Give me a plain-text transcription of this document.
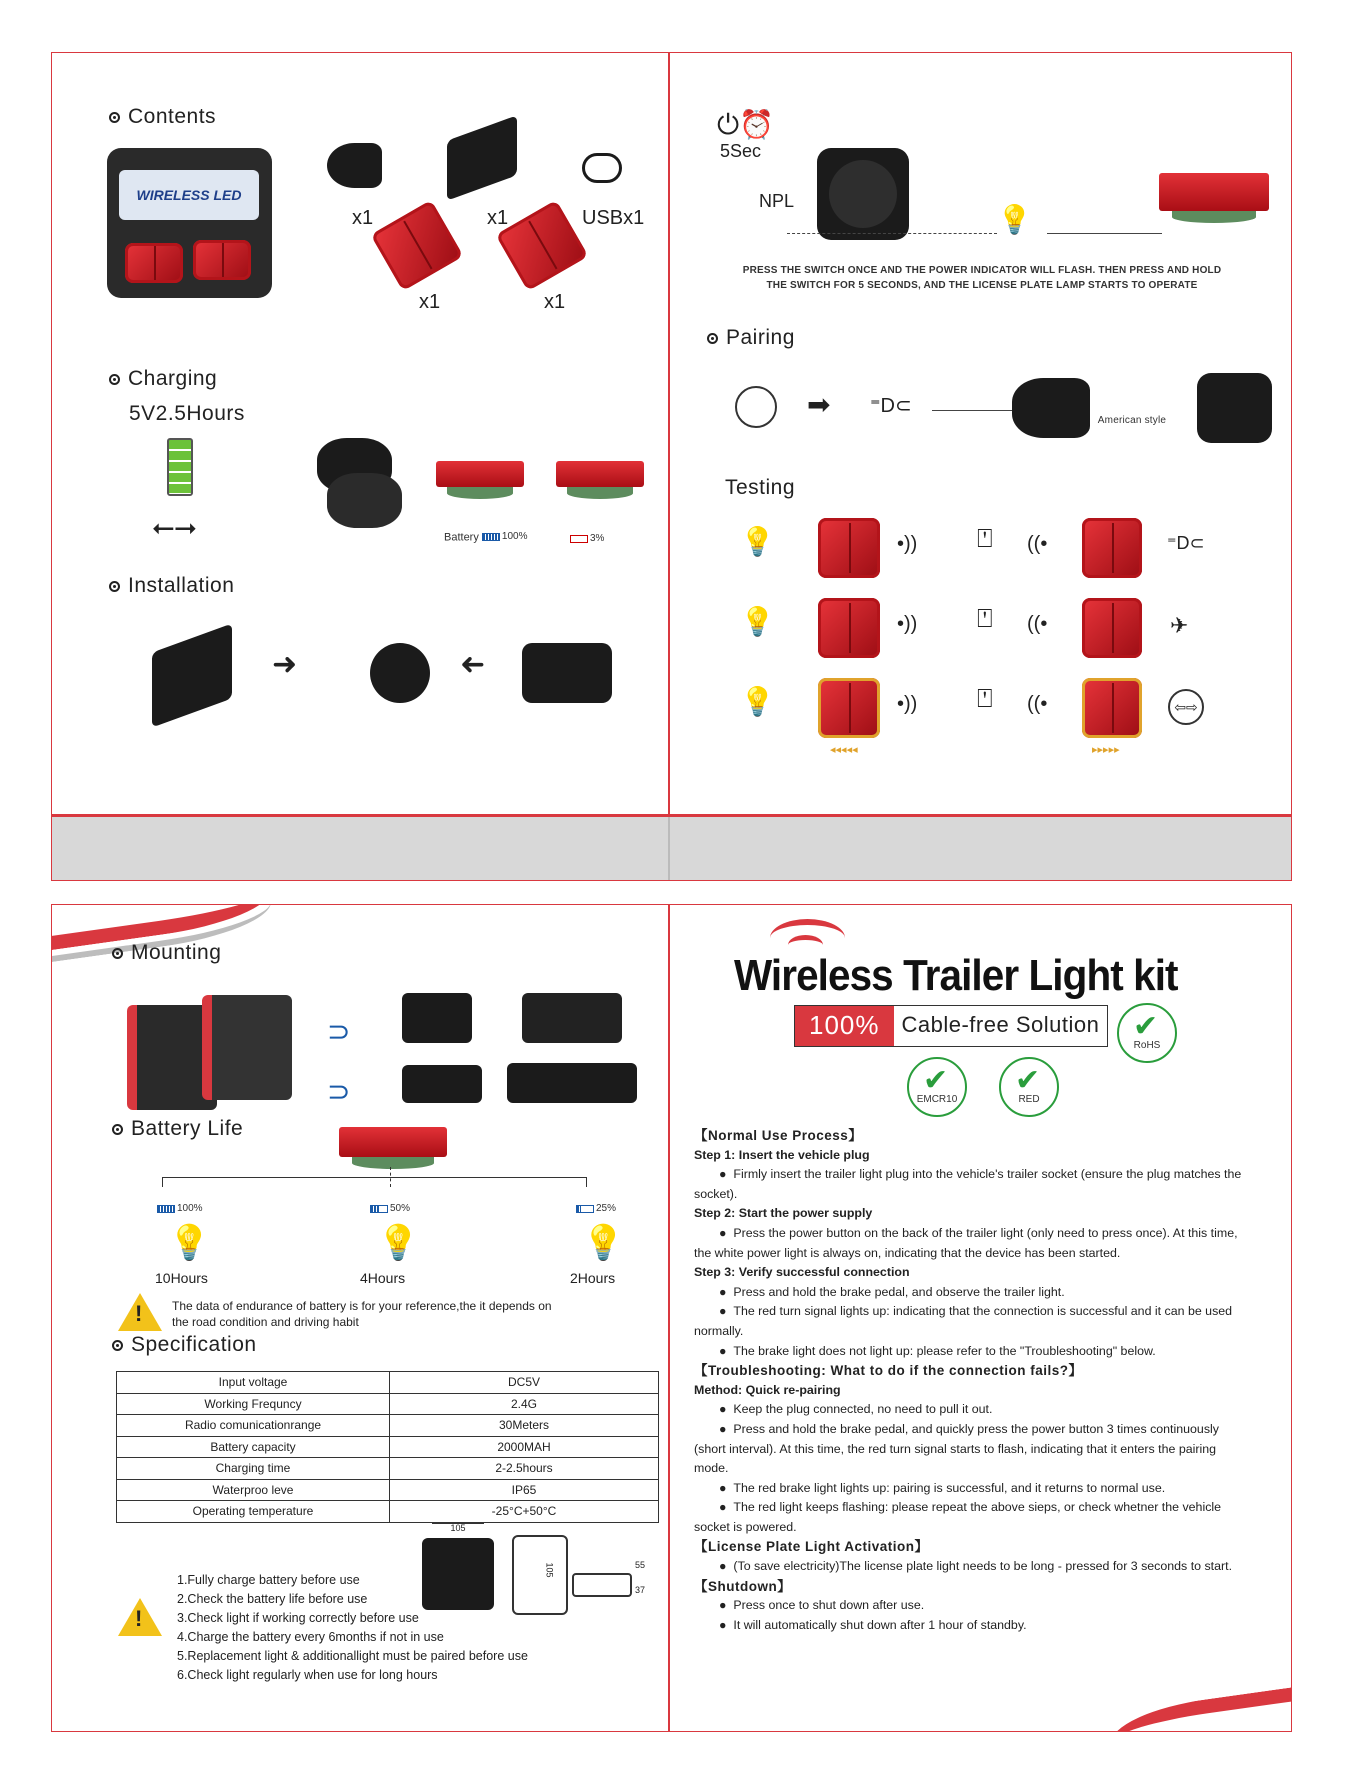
Contents
WIRELESS LED
x1	x1	USBx1
x1	x1
Charging
5V2.5Hours
⭠⭢	Battery 100%	3%
Installation
➜	➜
⏻⏰
5Sec
NPL
💡
PRESS THE SWITCH ONCE AND THE POWER INDICATOR WILL FLASH. THEN PRESS AND HOLD
THE SWITCH FOR 5 SECONDS, AND THE LICENSE PLATE LAMP STARTS TO OPERATE
Pairing
➡ ⁼D⊂
American style
Testing
💡	•)) ⍞ ((•	⁼D⊂
💡	•)) ⍞ ((•	✈
💡
◂◂◂◂◂
•)) ⍞ ((•
▸▸▸▸▸
⇦⇨
Mounting
⊃
⊃
Battery Life
100%	50%	25%
💡	💡	💡
10Hours	4Hours	2Hours
! The data of endurance of battery is for your reference,the it depends on
the road condition and driving habit
Specification
Input voltage	DC5V
Working Frequncy	2.4G
Radio comunicationrange	30Meters
Battery capacity	2000MAH
Charging time	2-2.5hours
Waterproo leve	IP65
Operating temperature	-25°C+50°C
105
105	55
37
!
1.Fully charge battery before use
2.Check the battery life before use
3.Check light if working correctly before use
4.Charge the battery every 6months if not in use
5.Replacement light & additionallight must be paired before use
6.Check light regularly when use for long hours
Wireless Trailer Light kit
100%	Cable-free Solution ✔
RoHS
✔
EMCR10
✔
RED
【Normal Use Process】
Step 1: Insert the vehicle plug
●  Firmly insert the trailer light plug into the vehicle's trailer socket (ensure the plug matches the socket).
Step 2: Start the power supply
●  Press the power button on the back of the trailer light (only need to press once). At this time, the white power light is always on, indicating that the device has been started.
Step 3: Verify successful connection
●  Press and hold the brake pedal, and observe the trailer light.
●  The red turn signal lights up: indicating that the connection is successful and it can be used normally.
●  The brake light does not light up: please refer to the "Troubleshooting" below.
【Troubleshooting: What to do if the connection fails?】
Method: Quick re-pairing
●  Keep the plug connected, no need to pull it out.
●  Press and hold the brake pedal, and quickly press the power button 3 times continuously (short interval). At this time, the red turn signal starts to flash, indicating that it enters the pairing mode.
●  The red brake light lights up: pairing is successful, and it returns to normal use.
●  The red light keeps flashing: please repeat the above sieps, or check whetner the vehicle socket is powered.
【License Plate Light Activation】
●  (To save electricity)The license plate light needs to be long - pressed for 3 seconds to start.
【Shutdown】
●  Press once to shut down after use.
●  It will automatically shut down after 1 hour of standby.
